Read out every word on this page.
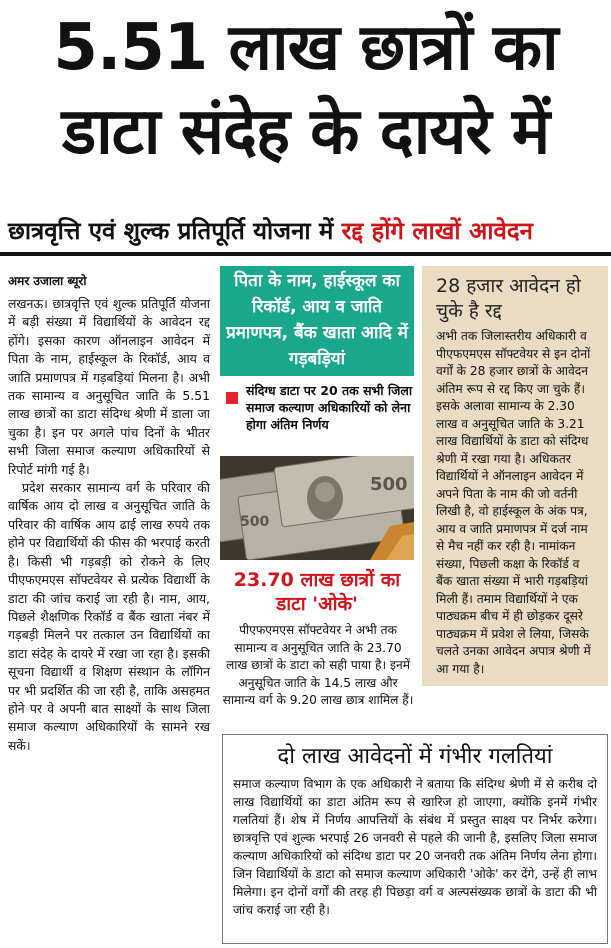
5.51 लाख छात्रों का
डाटा संदेह के दायरे में
छात्रवृत्ति एवं शुल्क प्रतिपूर्ति योजना में रद्द होंगे लाखों आवेदन
अमर उजाला ब्यूरो

लखनऊ। छात्रवृत्ति एवं शुल्क प्रतिपूर्ति योजना में बड़ी संख्या में विद्यार्थियों के आवेदन रद्द होंगे। इसका कारण ऑनलाइन आवेदन में पिता के नाम, हाईस्कूल के रिकॉर्ड, आय व जाति प्रमाणपत्र में गड़बड़ियां मिलना है। अभी तक सामान्य व अनुसूचित जाति के 5.51 लाख छात्रों का डाटा संदिग्ध श्रेणी में डाला जा चुका है। इन पर अगले पांच दिनों के भीतर सभी जिला समाज कल्याण अधिकारियों से रिपोर्ट मांगी गई है।

प्रदेश सरकार सामान्य वर्ग के परिवार की वार्षिक आय दो लाख व अनुसूचित जाति के परिवार की वार्षिक आय ढाई लाख रुपये तक होने पर विद्यार्थियों की फीस की भरपाई करती है। किसी भी गड़बड़ी को रोकने के लिए पीएफएमएस सॉफ्टवेयर से प्रत्येक विद्यार्थी के डाटा की जांच कराई जा रही है। नाम, आय, पिछले शैक्षणिक रिकॉर्ड व बैंक खाता नंबर में गड़बड़ी मिलने पर तत्काल उन विद्यार्थियों का डाटा संदेह के दायरे में रखा जा रहा है। इसकी सूचना विद्यार्थी व शिक्षण संस्थान के लॉगिन पर भी प्रदर्शित की जा रही है, ताकि असहमत होने पर वे अपनी बात साक्ष्यों के साथ जिला समाज कल्याण अधिकारियों के सामने रख सकें।

पिता के नाम, हाईस्कूल का रिकॉर्ड, आय व जाति प्रमाणपत्र, बैंक खाता आदि में गड़बड़ियां
संदिग्ध डाटा पर 20 तक सभी जिला समाज कल्याण अधिकारियों को लेना होगा अंतिम निर्णय
500
500
23.70 लाख छात्रों का डाटा 'ओके'
पीएफएमएस सॉफ्टवेयर ने अभी तक सामान्य व अनुसूचित जाति के 23.70 लाख छात्रों के डाटा को सही पाया है। इनमें अनुसूचित जाति के 14.5 लाख और सामान्य वर्ग के 9.20 लाख छात्र शामिल हैं।
28 हजार आवेदन हो चुके है रद्द
अभी तक जिलास्तरीय अधिकारी व पीएफएमएस सॉफ्टवेयर से इन दोनों वर्गों के 28 हजार छात्रों के आवेदन अंतिम रूप से रद्द किए जा चुके हैं। इसके अलावा सामान्य के 2.30 लाख व अनुसूचित जाति के 3.21 लाख विद्यार्थियों के डाटा को संदिग्ध श्रेणी में रखा गया है। अधिकतर विद्यार्थियों ने ऑनलाइन आवेदन में अपने पिता के नाम की जो वर्तनी लिखी है, वो हाईस्कूल के अंक पत्र, आय व जाति प्रमाणपत्र में दर्ज नाम से मैच नहीं कर रही है। नामांकन संख्या, पिछली कक्षा के रिकॉर्ड व बैंक खाता संख्या में भारी गड़बड़ियां मिली हैं। तमाम विद्यार्थियों ने एक पाठ्यक्रम बीच में ही छोड़कर दूसरे पाठ्यक्रम में प्रवेश ले लिया, जिसके चलते उनका आवेदन अपात्र श्रेणी में आ गया है।
दो लाख आवेदनों में गंभीर गलतियां
समाज कल्याण विभाग के एक अधिकारी ने बताया कि संदिग्ध श्रेणी में से करीब दो लाख विद्यार्थियों का डाटा अंतिम रूप से खारिज हो जाएगा, क्योंकि इनमें गंभीर गलतियां हैं। शेष में निर्णय आपत्तियों के संबंध में प्रस्तुत साक्ष्य पर निर्भर करेगा। छात्रवृत्ति एवं शुल्क भरपाई 26 जनवरी से पहले की जानी है, इसलिए जिला समाज कल्याण अधिकारियों को संदिग्ध डाटा पर 20 जनवरी तक अंतिम निर्णय लेना होगा। जिन विद्यार्थियों के डाटा को समाज कल्याण अधिकारी 'ओके' कर देंगे, उन्हें ही लाभ मिलेगा। इन दोनों वर्गों की तरह ही पिछड़ा वर्ग व अल्पसंख्यक छात्रों के डाटा की भी जांच कराई जा रही है।
